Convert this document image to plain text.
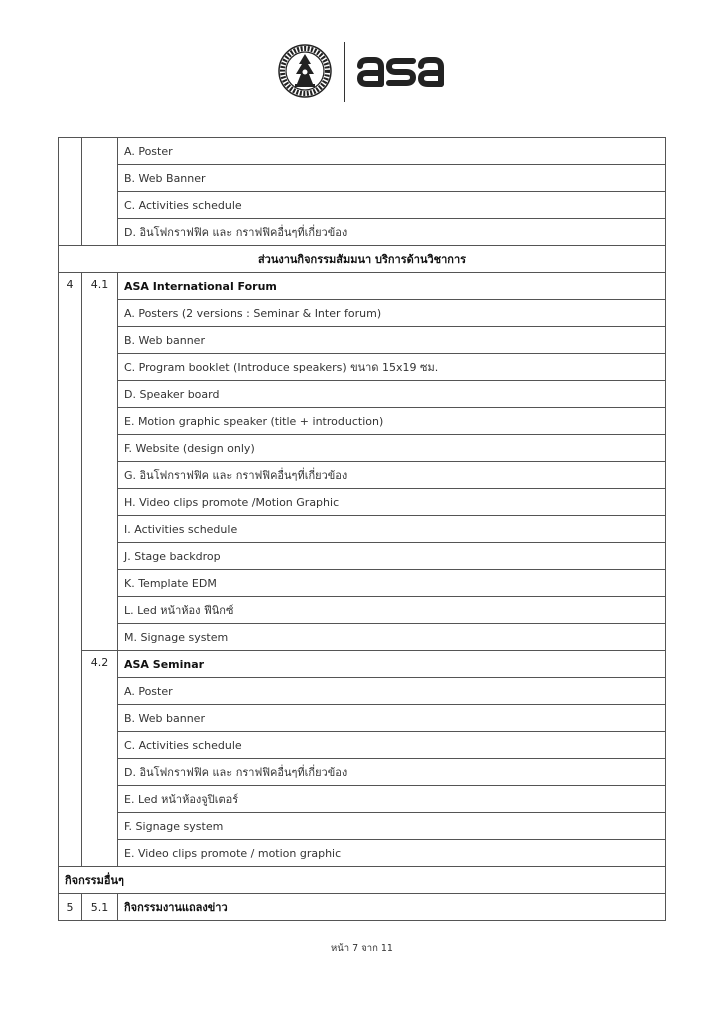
		A. Poster
		B. Web Banner
		C. Activities schedule
		D. อินโฟกราฟฟิค และ กราฟฟิคอื่นๆที่เกี่ยวข้อง
ส่วนงานกิจกรรมสัมมนา บริการด้านวิชาการ		
4	4.1	ASA International Forum
		A. Posters (2 versions : Seminar & Inter forum)
		B. Web banner
		C. Program booklet (Introduce speakers) ขนาด 15x19 ซม.
		D. Speaker board
		E. Motion graphic speaker (title + introduction)
		F. Website (design only)
		G. อินโฟกราฟฟิค และ กราฟฟิคอื่นๆที่เกี่ยวข้อง
		H. Video clips promote /Motion Graphic
		I. Activities schedule
		J. Stage backdrop
		K. Template EDM
		L. Led หน้าห้อง ฟีนิกซ์
		M. Signage system
	4.2	ASA Seminar
		A. Poster
		B. Web banner
		C. Activities schedule
		D. อินโฟกราฟฟิค และ กราฟฟิคอื่นๆที่เกี่ยวข้อง
		E. Led หน้าห้องจูปิเตอร์
		F. Signage system
		E. Video clips promote / motion graphic
กิจกรรมอื่นๆ		
5	5.1	กิจกรรมงานแถลงข่าว
หน้า 7 จาก 11
